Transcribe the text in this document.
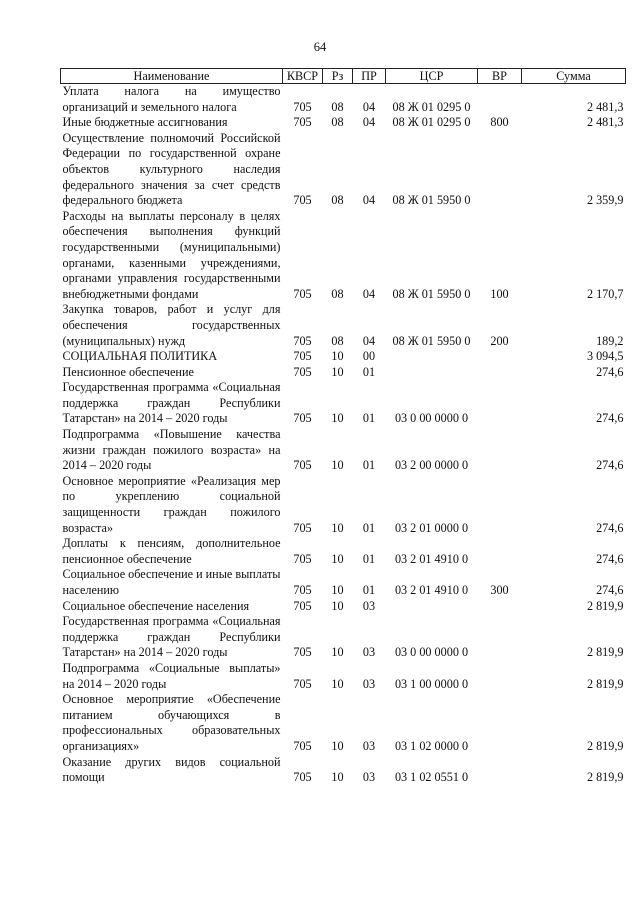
64
Наименование	КВСР	Рз	ПР	ЦСР	ВР	Сумма
Уплата налога на имущество организаций и земельного налога	705	08	04	08 Ж 01 0295 0		2 481,3
Иные бюджетные ассигнования	705	08	04	08 Ж 01 0295 0	800	2 481,3
Осуществление полномочий Российской Федерации по государственной охране объектов культурного наследия федерального значения за счет средств федерального бюджета	705	08	04	08 Ж 01 5950 0		2 359,9
Расходы на выплаты персоналу в целях обеспечения выполнения функций государственными (муниципальными) органами, казенными учреждениями, органами управления государственными внебюджетными фондами	705	08	04	08 Ж 01 5950 0	100	2 170,7
Закупка товаров, работ и услуг для обеспечения государственных (муниципальных) нужд	705	08	04	08 Ж 01 5950 0	200	189,2
СОЦИАЛЬНАЯ ПОЛИТИКА	705	10	00			3 094,5
Пенсионное обеспечение	705	10	01			274,6
Государственная программа «Социальная поддержка граждан Республики Татарстан» на 2014 – 2020 годы	705	10	01	03 0 00 0000 0		274,6
Подпрограмма «Повышение качества жизни граждан пожилого возраста» на 2014 – 2020 годы	705	10	01	03 2 00 0000 0		274,6
Основное мероприятие «Реализация мер по укреплению социальной защищенности граждан пожилого возраста»	705	10	01	03 2 01 0000 0		274,6
Доплаты к пенсиям, дополнительное пенсионное обеспечение	705	10	01	03 2 01 4910 0		274,6
Социальное обеспечение и иные выплаты населению	705	10	01	03 2 01 4910 0	300	274,6
Социальное обеспечение населения	705	10	03			2 819,9
Государственная программа «Социальная поддержка граждан Республики Татарстан» на 2014 – 2020 годы	705	10	03	03 0 00 0000 0		2 819,9
Подпрограмма «Социальные выплаты» на 2014 – 2020 годы	705	10	03	03 1 00 0000 0		2 819,9
Основное мероприятие «Обеспечение питанием обучающихся в профессиональных образовательных организациях»	705	10	03	03 1 02 0000 0		2 819,9
Оказание других видов социальной помощи	705	10	03	03 1 02 0551 0		2 819,9
